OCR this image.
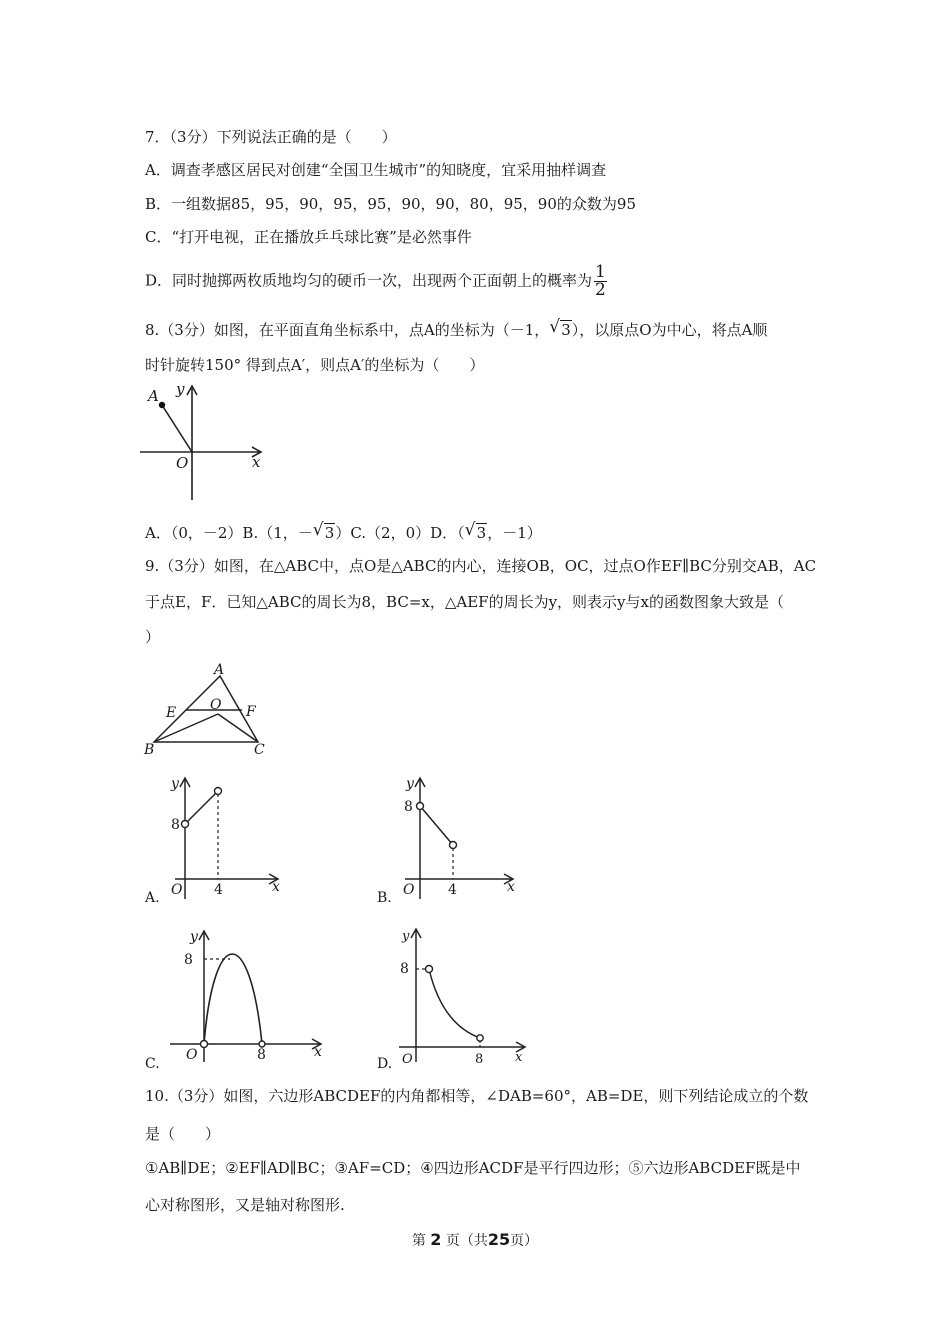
7．（3分）下列说法正确的是（　　）
A．调查孝感区居民对创建“全国卫生城市”的知晓度，宜采用抽样调查
B．一组数据85，95，90，95，95，90，90，80，95，90的众数为95
C．“打开电视，正在播放乒乓球比赛”是必然事件
D．同时抛掷两枚质地均匀的硬币一次，出现两个正面朝上的概率为 $\frac{1}{2}$
8.（3分）如图，在平面直角坐标系中，点A的坐标为（－1， √ 3），以原点O为中心，将点A顺
时针旋转150° 得到点A′，则点A′的坐标为（　　）
A y
O	x
A．（0，－2）B.（1，－ √ 3）C.（2，0）D．（ √ 3，－1）
9.（3分）如图，在△ABC中，点O是△ABC的内心，连接OB，OC，过点O作EF∥BC分别交AB，AC
于点E，F．已知△ABC的周长为8，BC=x，△AEF的周长为y，则表示y与x的函数图象大致是（
）
A
E O F
B	C
A.
y
8
O 4	x
B.
y
8
O 4	x
C.
y
8
O	8	x
D.
y
8
O	8 x
10.（3分）如图，六边形ABCDEF的内角都相等，∠DAB=60°，AB=DE，则下列结论成立的个数
是（　　）
①AB∥DE；②EF∥AD∥BC；③AF=CD；④四边形ACDF是平行四边形；⑤六边形ABCDEF既是中
心对称图形，又是轴对称图形.
第 2 页（共25页）
